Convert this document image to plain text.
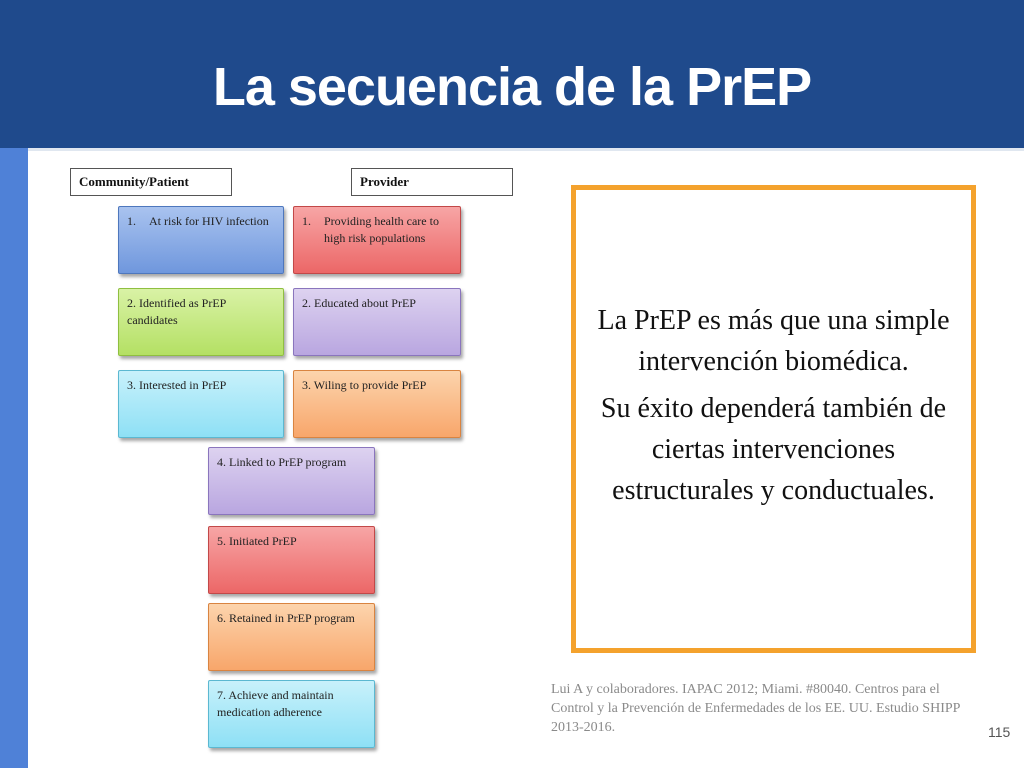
La secuencia de la PrEP
Community/Patient	Provider
1. At risk for HIV infection
2. Identified as PrEP candidates
3. Interested in PrEP
1. Providing health care to high risk populations
2. Educated about PrEP
3. Wiling to provide PrEP
4. Linked to PrEP program
5. Initiated PrEP
6. Retained in PrEP program
7. Achieve and maintain medication adherence

La PrEP es más que una simple intervención biomédica.

Su éxito dependerá también de ciertas intervenciones estructurales y conductuales.

Lui A y colaboradores. IAPAC 2012; Miami. #80040. Centros para el Control y la Prevención de Enfermedades de los EE. UU. Estudio SHIPP 2013-2016.	115
